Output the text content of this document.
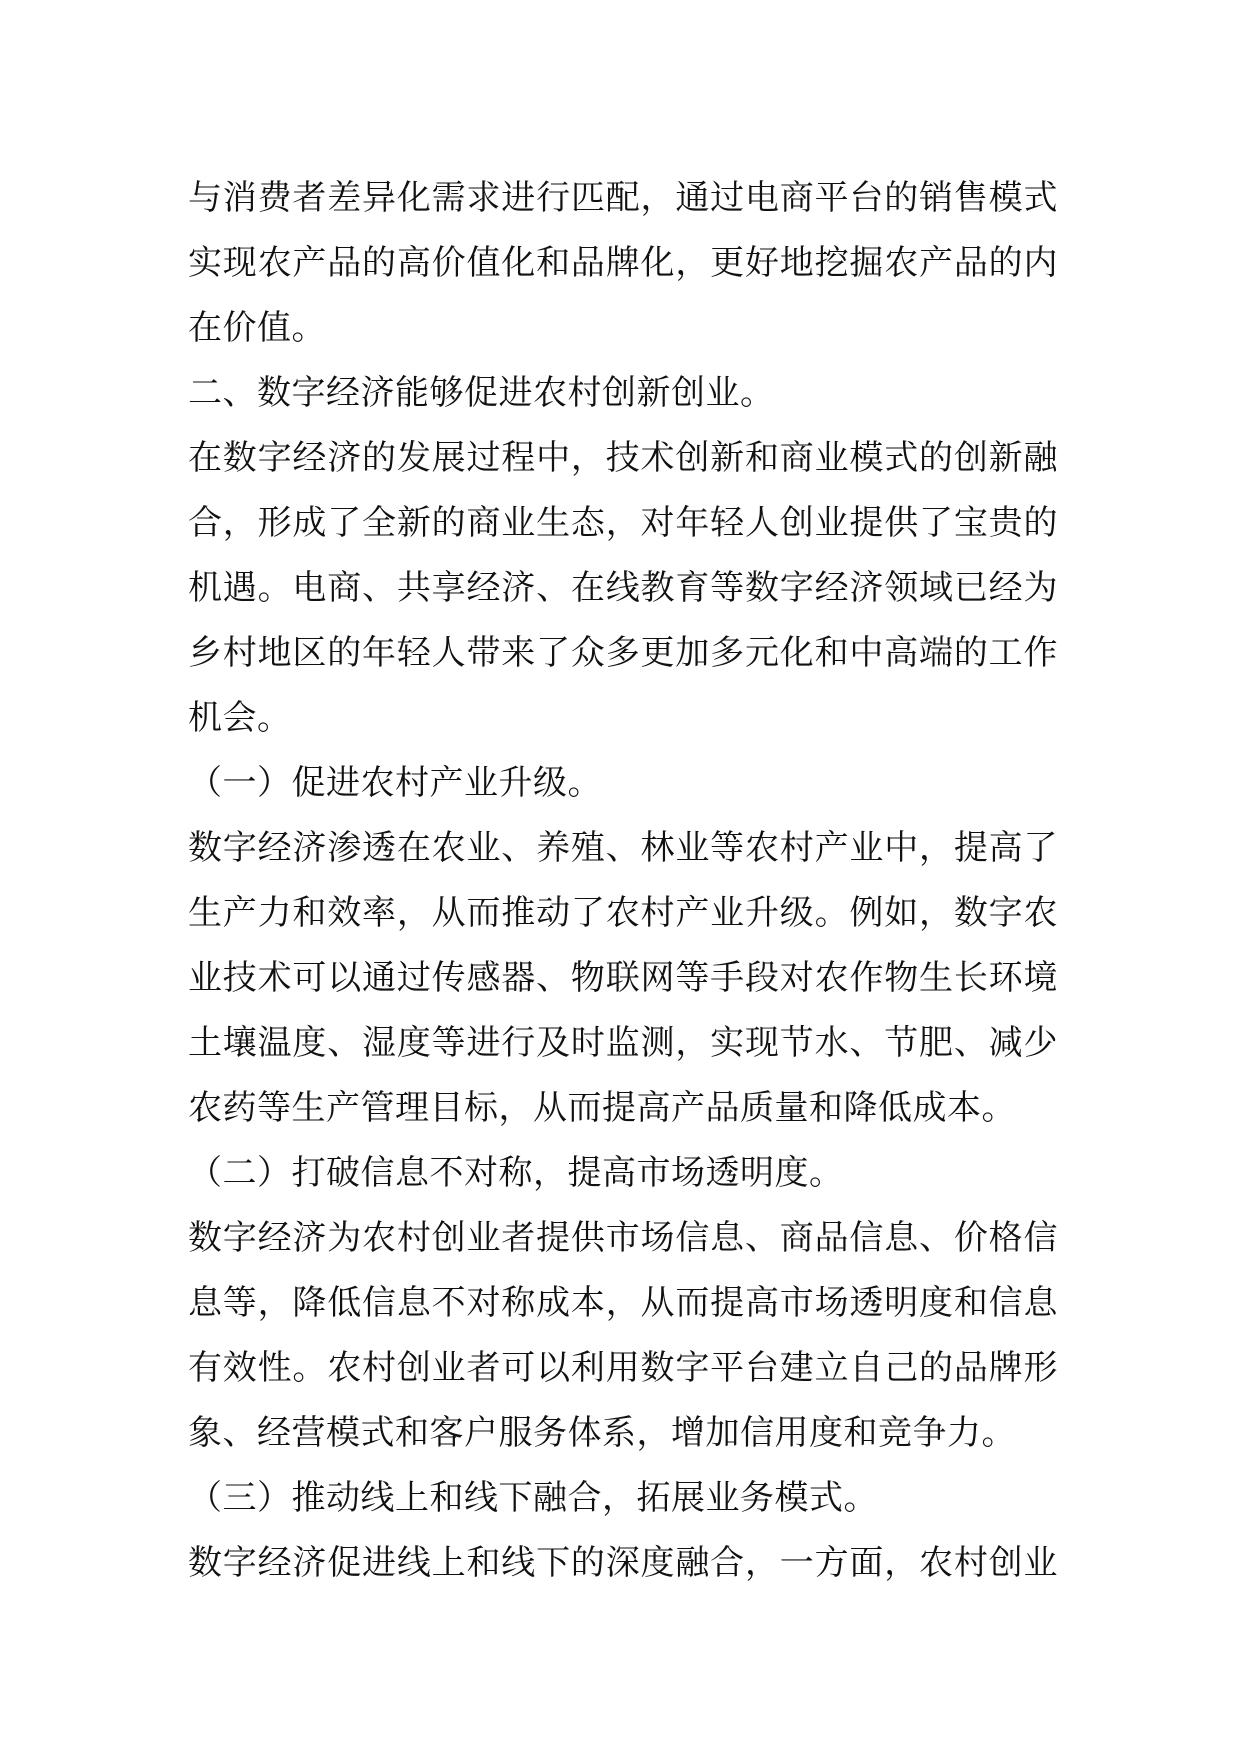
与消费者差异化需求进行匹配，通过电商平台的销售模式
实现农产品的高价值化和品牌化，更好地挖掘农产品的内
在价值。
二、数字经济能够促进农村创新创业。
在数字经济的发展过程中，技术创新和商业模式的创新融
合，形成了全新的商业生态，对年轻人创业提供了宝贵的
机遇。电商、共享经济、在线教育等数字经济领域已经为
乡村地区的年轻人带来了众多更加多元化和中高端的工作
机会。
（一）促进农村产业升级。
数字经济渗透在农业、养殖、林业等农村产业中，提高了
生产力和效率，从而推动了农村产业升级。例如，数字农
业技术可以通过传感器、物联网等手段对农作物生长环境
土壤温度、湿度等进行及时监测，实现节水、节肥、减少
农药等生产管理目标，从而提高产品质量和降低成本。
（二）打破信息不对称，提高市场透明度。
数字经济为农村创业者提供市场信息、商品信息、价格信
息等，降低信息不对称成本，从而提高市场透明度和信息
有效性。农村创业者可以利用数字平台建立自己的品牌形
象、经营模式和客户服务体系，增加信用度和竞争力。
（三）推动线上和线下融合，拓展业务模式。
数字经济促进线上和线下的深度融合，一方面，农村创业
